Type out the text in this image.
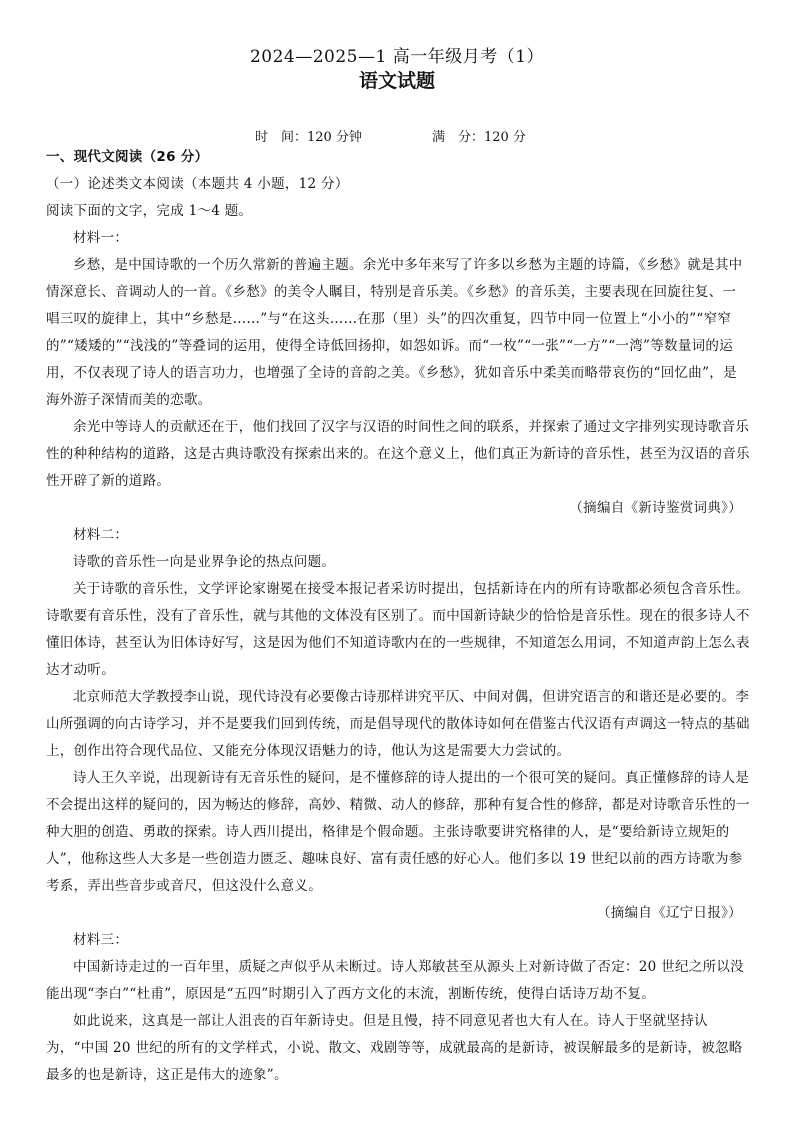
2024—2025—1 高一年级月考（1）
语文试题
时　间：120 分钟	满　分：120 分

一、现代文阅读（26 分）

（一）论述类文本阅读（本题共 4 小题，12 分）

阅读下面的文字，完成 1～4 题。

材料一：

乡愁，是中国诗歌的一个历久常新的普遍主题。余光中多年来写了许多以乡愁为主题的诗篇，《乡愁》就是其中情深意长、音调动人的一首。《乡愁》的美令人瞩目，特别是音乐美。《乡愁》的音乐美，主要表现在回旋往复、一唱三叹的旋律上，其中“乡愁是……”与“在这头……在那（里）头”的四次重复，四节中同一位置上“小小的”“窄窄的”“矮矮的”“浅浅的”等叠词的运用，使得全诗低回扬抑，如怨如诉。而“一枚”“一张”“一方”“一湾”等数量词的运用，不仅表现了诗人的语言功力，也增强了全诗的音韵之美。《乡愁》，犹如音乐中柔美而略带哀伤的“回忆曲”，是海外游子深情而美的恋歌。

余光中等诗人的贡献还在于，他们找回了汉字与汉语的时间性之间的联系，并探索了通过文字排列实现诗歌音乐性的种种结构的道路，这是古典诗歌没有探索出来的。在这个意义上，他们真正为新诗的音乐性，甚至为汉语的音乐性开辟了新的道路。

（摘编自《新诗鉴赏词典》）

材料二：

诗歌的音乐性一向是业界争论的热点问题。

关于诗歌的音乐性，文学评论家谢冕在接受本报记者采访时提出，包括新诗在内的所有诗歌都必须包含音乐性。诗歌要有音乐性，没有了音乐性，就与其他的文体没有区别了。而中国新诗缺少的恰恰是音乐性。现在的很多诗人不懂旧体诗，甚至认为旧体诗好写，这是因为他们不知道诗歌内在的一些规律，不知道怎么用词，不知道声韵上怎么表达才动听。

北京师范大学教授李山说，现代诗没有必要像古诗那样讲究平仄、中间对偶，但讲究语言的和谐还是必要的。李山所强调的向古诗学习，并不是要我们回到传统，而是倡导现代的散体诗如何在借鉴古代汉语有声调这一特点的基础上，创作出符合现代品位、又能充分体现汉语魅力的诗，他认为这是需要大力尝试的。

诗人王久辛说，出现新诗有无音乐性的疑问，是不懂修辞的诗人提出的一个很可笑的疑问。真正懂修辞的诗人是不会提出这样的疑问的，因为畅达的修辞，高妙、精微、动人的修辞，那种有复合性的修辞，都是对诗歌音乐性的一种大胆的创造、勇敢的探索。诗人西川提出，格律是个假命题。主张诗歌要讲究格律的人，是“要给新诗立规矩的人”，他称这些人大多是一些创造力匮乏、趣味良好、富有责任感的好心人。他们多以 19 世纪以前的西方诗歌为参考系，弄出些音步或音尺，但这没什么意义。

（摘编自《辽宁日报》）

材料三：

中国新诗走过的一百年里，质疑之声似乎从未断过。诗人郑敏甚至从源头上对新诗做了否定：20 世纪之所以没能出现“李白”“杜甫”，原因是“五四”时期引入了西方文化的末流，割断传统，使得白话诗万劫不复。

如此说来，这真是一部让人沮丧的百年新诗史。但是且慢，持不同意见者也大有人在。诗人于坚就坚持认为，“中国 20 世纪的所有的文学样式，小说、散文、戏剧等等，成就最高的是新诗，被误解最多的是新诗，被忽略最多的也是新诗，这正是伟大的迹象”。
